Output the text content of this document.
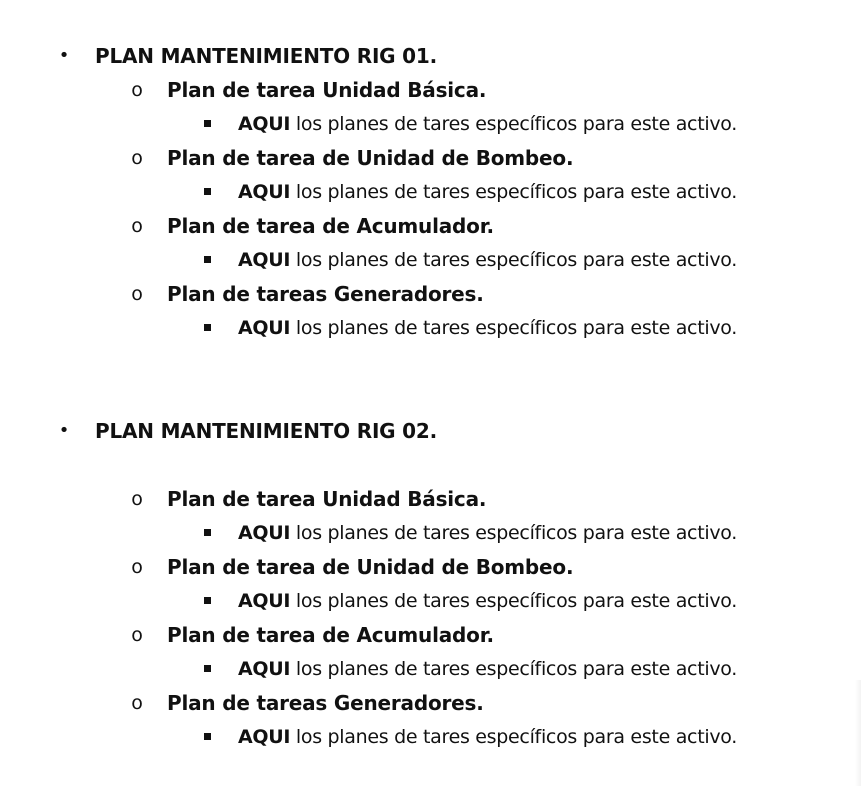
•	PLAN MANTENIMIENTO RIG 01.
o	Plan de tarea Unidad Básica.
AQUI los planes de tares específicos para este activo.
o	Plan de tarea de Unidad de Bombeo.
AQUI los planes de tares específicos para este activo.
o	Plan de tarea de Acumulador.
AQUI los planes de tares específicos para este activo.
o	Plan de tareas Generadores.
AQUI los planes de tares específicos para este activo.
•	PLAN MANTENIMIENTO RIG 02.
o	Plan de tarea Unidad Básica.
AQUI los planes de tares específicos para este activo.
o	Plan de tarea de Unidad de Bombeo.
AQUI los planes de tares específicos para este activo.
o	Plan de tarea de Acumulador.
AQUI los planes de tares específicos para este activo.
o	Plan de tareas Generadores.
AQUI los planes de tares específicos para este activo.
